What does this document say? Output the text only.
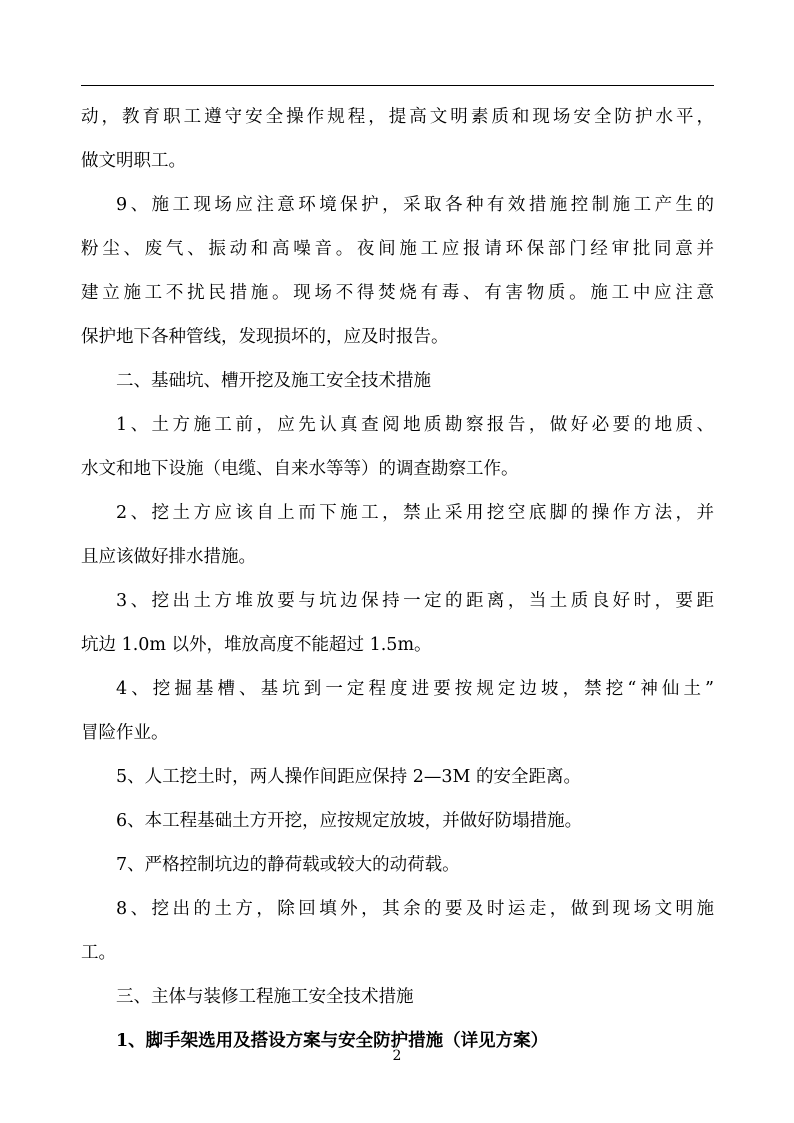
动，教育职工遵守安全操作规程，提高文明素质和现场安全防护水平，
做文明职工。
9、施工现场应注意环境保护，采取各种有效措施控制施工产生的
粉尘、废气、振动和高噪音。夜间施工应报请环保部门经审批同意并
建立施工不扰民措施。现场不得焚烧有毒、有害物质。施工中应注意
保护地下各种管线，发现损坏的，应及时报告。
二、基础坑、槽开挖及施工安全技术措施
1、土方施工前，应先认真查阅地质勘察报告，做好必要的地质、
水文和地下设施（电缆、自来水等等）的调查勘察工作。
2、挖土方应该自上而下施工，禁止采用挖空底脚的操作方法，并
且应该做好排水措施。
3、挖出土方堆放要与坑边保持一定的距离，当土质良好时，要距
坑边 1.0m 以外，堆放高度不能超过 1.5m。
4、挖掘基槽、基坑到一定程度进要按规定边坡，禁挖“神仙土”
冒险作业。
5、人工挖土时，两人操作间距应保持 2—3M 的安全距离。
6、本工程基础土方开挖，应按规定放坡，并做好防塌措施。
7、严格控制坑边的静荷载或较大的动荷载。
8、挖出的土方，除回填外，其余的要及时运走，做到现场文明施
工。
三、主体与装修工程施工安全技术措施
1、脚手架选用及搭设方案与安全防护措施（详见方案）
2
